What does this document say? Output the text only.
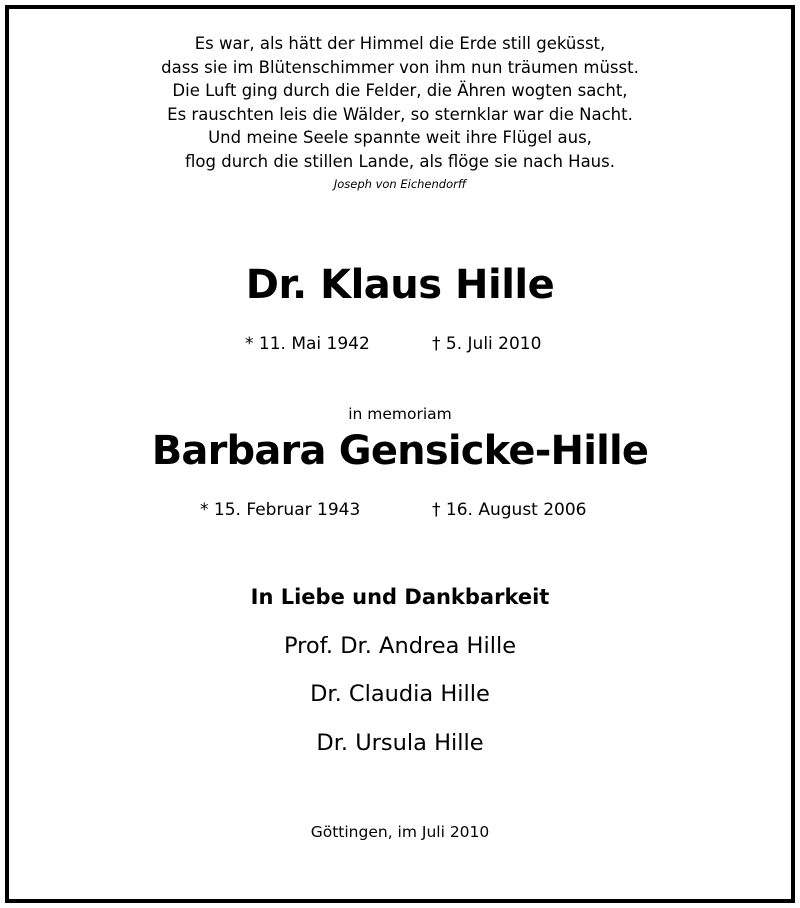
Es war, als hätt der Himmel die Erde still geküsst,
dass sie im Blütenschimmer von ihm nun träumen müsst.
Die Luft ging durch die Felder, die Ähren wogten sacht,
Es rauschten leis die Wälder, so sternklar war die Nacht.
Und meine Seele spannte weit ihre Flügel aus,
flog durch die stillen Lande, als flöge sie nach Haus.
Joseph von Eichendorff
Dr. Klaus Hille
* 11. Mai 1942	† 5. Juli 2010
in memoriam
Barbara Gensicke-Hille
* 15. Februar 1943	† 16. August 2006
In Liebe und Dankbarkeit
Prof. Dr. Andrea Hille
Dr. Claudia Hille
Dr. Ursula Hille
Göttingen, im Juli 2010
